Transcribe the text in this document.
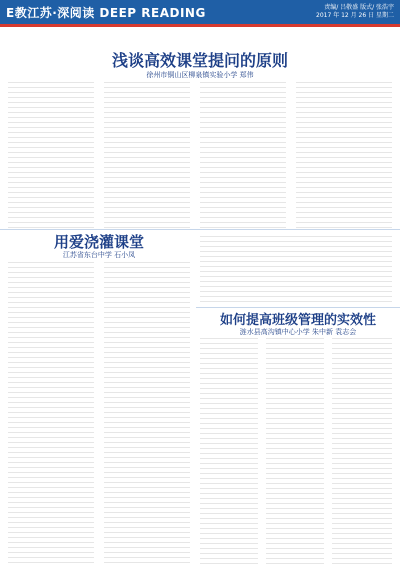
E教江苏·深阅读 DEEP READING	责编/ 吕敬盛 版式/ 张浩宇
2017 年 12 月 26 日 星期二
浅谈高效课堂提问的原则
徐州市铜山区柳泉镇实验小学 郑伟
用爱浇灌课堂
江苏省东台中学 石小凤
如何提高班级管理的实效性
涟水县高沟镇中心小学 朱中新 袁志会
